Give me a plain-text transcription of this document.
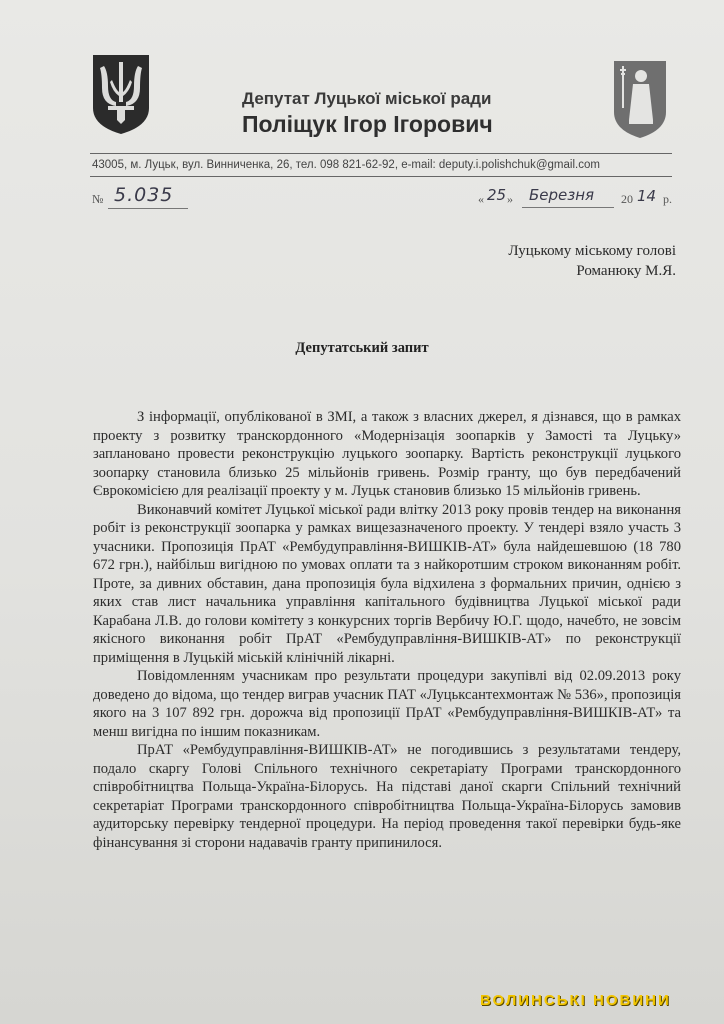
Депутат Луцької міської ради
Поліщук Ігор Ігорович
43005, м. Луцьк, вул. Винниченка, 26, тел. 098 821-62-92, e-mail: deputy.i.polishchuk@gmail.com
№ 5.035	« 25 » Березня 20 14 р.
Луцькому міському голові
Романюку М.Я.
Депутатський запит

З інформації, опублікованої в ЗМІ, а також з власних джерел, я дізнався, що в рамках проекту з розвитку транскордонного «Модернізація зоопарків у Замості та Луцьку» заплановано провести реконструкцію луцького зоопарку. Вартість реконструкції луцького зоопарку становила близько 25 мільйонів гривень. Розмір гранту, що був передбачений Єврокомісією для реалізації проекту у м. Луцьк становив близько 15 мільйонів гривень.

Виконавчий комітет Луцької міської ради влітку 2013 року провів тендер на виконання робіт із реконструкції зоопарка у рамках вищезазначеного проекту. У тендері взяло участь 3 учасники. Пропозиція ПрАТ «Рембудуправління-ВИШКІВ-АТ» була найдешевшою (18 780 672 грн.), найбільш вигідною по умовах оплати та з найкоротшим строком виконанням робіт. Проте, за дивних обставин, дана пропозиція була відхилена з формальних причин, однією з яких став лист начальника управління капітального будівництва Луцької міської ради Карабана Л.В. до голови комітету з конкурсних торгів Вербичу Ю.Г. щодо, начебто, не зовсім якісного виконання робіт ПрАТ «Рембудуправління-ВИШКІВ-АТ» по реконструкції приміщення в Луцькій міській клінічній лікарні.

Повідомленням учасникам про результати процедури закупівлі від 02.09.2013 року доведено до відома, що тендер виграв учасник ПАТ «Луцьксантехмонтаж № 536», пропозиція якого на 3 107 892 грн. дорожча від пропозиції ПрАТ «Рембудуправління-ВИШКІВ-АТ» та менш вигідна по іншим показникам.

ПрАТ «Рембудуправління-ВИШКІВ-АТ» не погодившись з результатами тендеру, подало скаргу Голові Спільного технічного секретаріату Програми транскордонного співробітництва Польща-Україна-Білорусь. На підставі даної скарги Спільний технічний секретаріат Програми транскордонного співробітництва Польща-Україна-Білорусь замовив аудиторську перевірку тендерної процедури. На період проведення такої перевірки будь-яке фінансування зі сторони надавачів гранту припинилося.

ВОЛИНСЬКІ НОВИНИ
